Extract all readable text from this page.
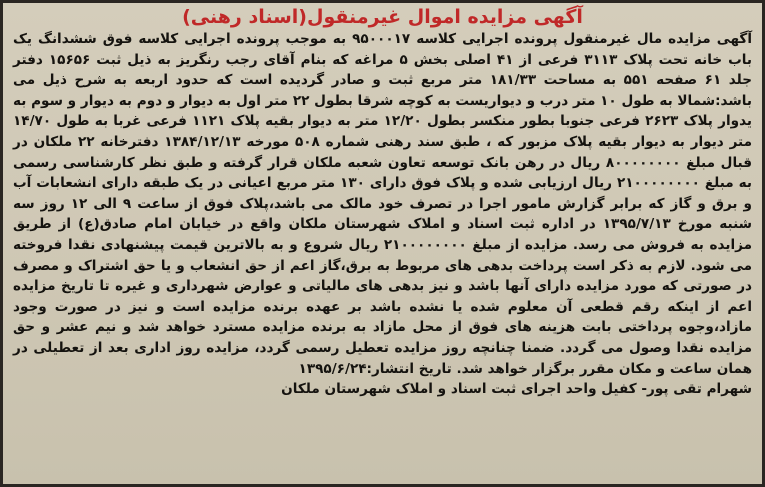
آگهی مزایده اموال غیرمنقول(اسناد رهنی)

آگهی مزایده مال غیرمنقول پرونده اجرایی کلاسه ۹۵۰۰۰۱۷ به موجب پرونده اجرایی کلاسه فوق ششدانگ یک باب خانه تحت پلاک ۳۱۱۳ فرعی از ۴۱ اصلی بخش ۵ مراغه که بنام آقای رجب رنگریز به ذیل ثبت ۱۵۶۵۶ دفتر جلد ۶۱ صفحه ۵۵۱ به مساحت ۱۸۱/۳۳ متر مربع ثبت و صادر گردیده است که حدود اربعه به شرح ذیل می باشد:شمالا به طول ۱۰ متر درب و دیواریست به کوچه شرقا بطول ۲۲ متر اول به دیوار و دوم به دیوار و سوم به یدوار پلاک ۲۶۲۳ فرعی جنوبا بطور منکسر بطول ۱۲/۲۰ متر به دیوار بقیه پلاک ۱۱۲۱ فرعی غربا به طول ۱۴/۷۰ متر دیوار به دیوار بقیه پلاک مزبور که ، طبق سند رهنی شماره ۵۰۸ مورخه ۱۳۸۴/۱۲/۱۳ دفترخانه ۲۲ ملکان در قبال مبلغ ۸۰۰۰۰۰۰۰۰ ریال در رهن بانک توسعه تعاون شعبه ملکان قرار گرفته و طبق نظر کارشناسی رسمی به مبلغ ۲۱۰۰۰۰۰۰۰۰ ریال ارزیابی شده و پلاک فوق دارای ۱۳۰ متر مربع اعیانی در یک طبقه دارای انشعابات آب و برق و گاز که برابر گزارش مامور اجرا در تصرف خود مالک می باشد،پلاک فوق از ساعت ۹ الی ۱۲ روز سه شنبه مورخ ۱۳۹۵/۷/۱۳ در اداره ثبت اسناد و املاک شهرستان ملکان واقع در خیابان امام صادق(ع) از طریق مزایده به فروش می رسد. مزایده از مبلغ ۲۱۰۰۰۰۰۰۰۰ ریال شروع و به بالاترین قیمت پیشنهادی نقدا فروخته می شود. لازم به ذکر است پرداخت بدهی های مربوط به برق،گاز اعم از حق انشعاب و یا حق اشتراک و مصرف در صورتی که مورد مزایده دارای آنها باشد و نیز بدهی های مالیاتی و عوارض شهرداری و غیره تا تاریخ مزایده اعم از اینکه رقم قطعی آن معلوم شده یا نشده باشد بر عهده برنده مزایده است و نیز در صورت وجود مازاد،وجوه پرداختی بابت هزینه های فوق از محل مازاد به برنده مزایده مسترد خواهد شد و نیم عشر و حق مزایده نقدا وصول می گردد. ضمنا چنانچه روز مزایده تعطیل رسمی گردد، مزایده روز اداری بعد از تعطیلی در همان ساعت و مکان مقرر برگزار خواهد شد. تاریخ انتشار:۱۳۹۵/۶/۲۴

شهرام تقی پور- کفیل واحد اجرای ثبت اسناد و املاک شهرستان ملکان
